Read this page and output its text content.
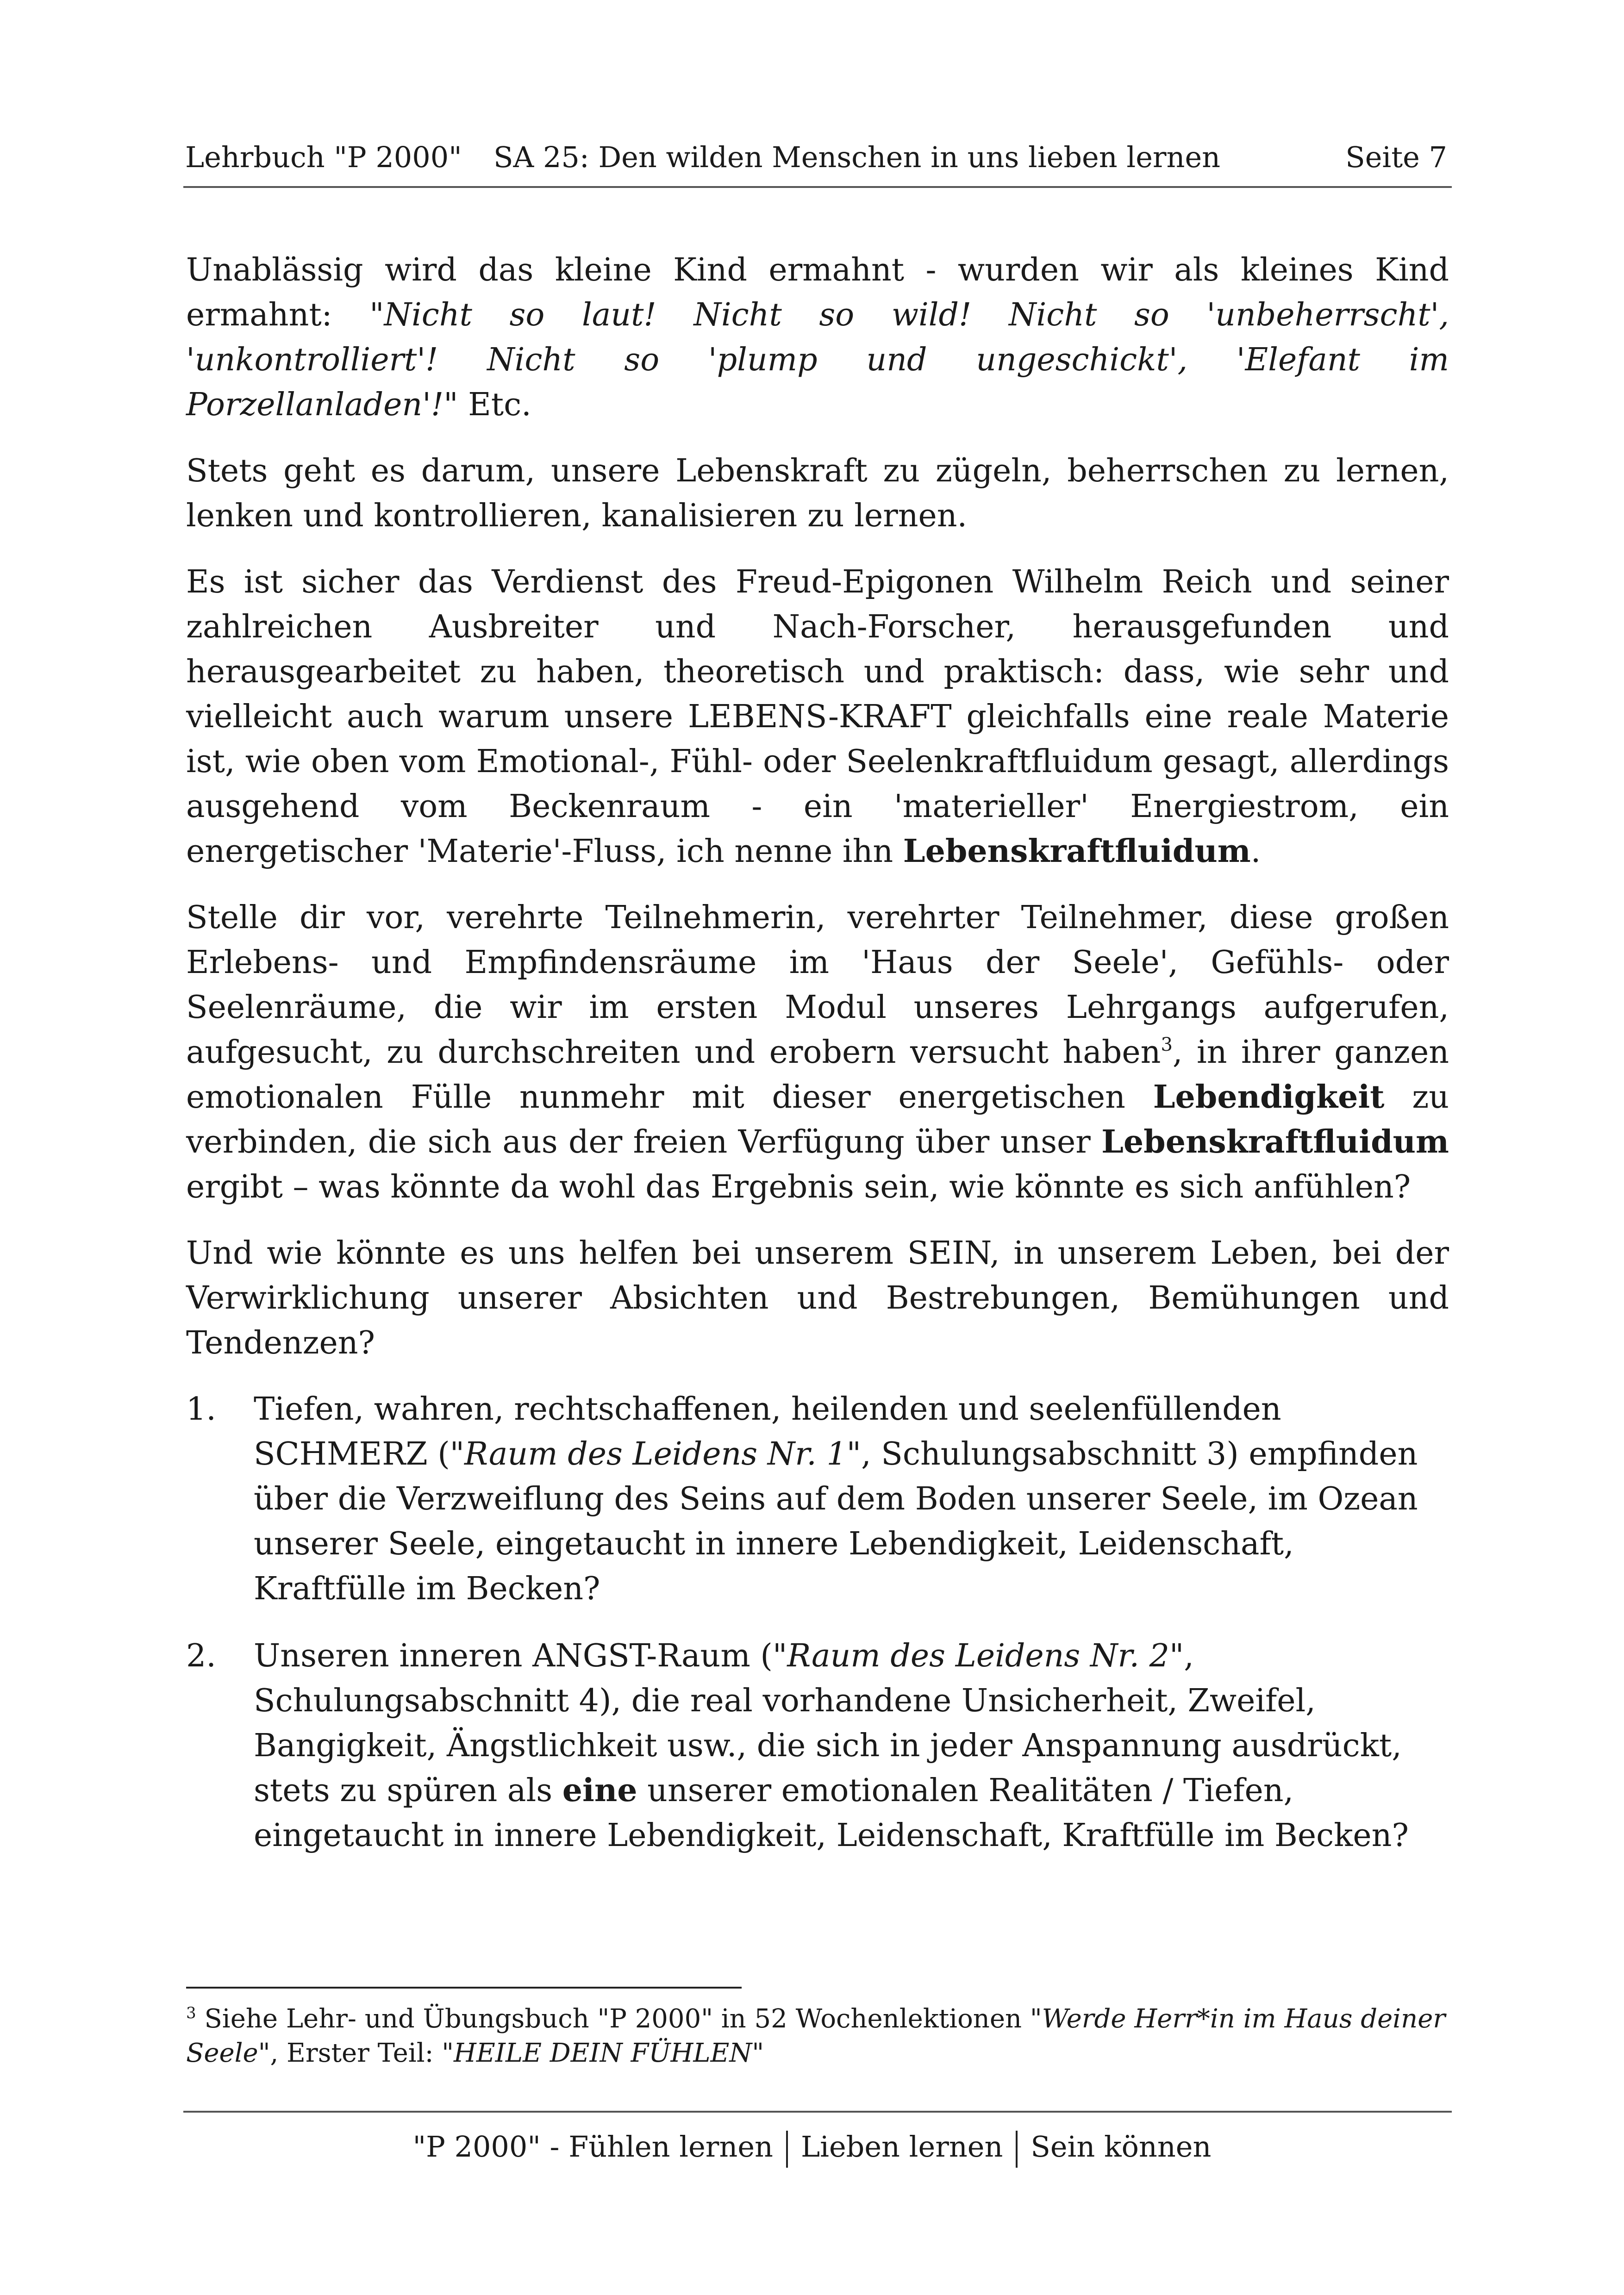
Lehrbuch "P 2000" SA 25: Den wilden Menschen in uns lieben lernen	Seite 7

Unablässig wird das kleine Kind ermahnt - wurden wir als kleines Kind ermahnt: "Nicht so laut! Nicht so wild! Nicht so 'unbeherrscht', 'unkontrolliert'! Nicht so 'plump und ungeschickt', 'Elefant im Porzellanladen'!" Etc.

Stets geht es darum, unsere Lebenskraft zu zügeln, beherrschen zu lernen, lenken und kontrollieren, kanalisieren zu lernen.

Es ist sicher das Verdienst des Freud-Epigonen Wilhelm Reich und seiner zahlreichen Ausbreiter und Nach-Forscher, herausgefunden und herausgearbeitet zu haben, theoretisch und praktisch: dass, wie sehr und vielleicht auch warum unsere LEBENS-KRAFT gleichfalls eine reale Materie ist, wie oben vom Emotional-, Fühl- oder Seelenkraftfluidum gesagt, allerdings ausgehend vom Beckenraum - ein 'materieller' Energiestrom, ein energetischer 'Materie'-Fluss, ich nenne ihn Lebenskraftfluidum.

Stelle dir vor, verehrte Teilnehmerin, verehrter Teilnehmer, diese großen Erlebens- und Empfindensräume im 'Haus der Seele', Gefühls- oder Seelenräume, die wir im ersten Modul unseres Lehrgangs aufgerufen, aufgesucht, zu durchschreiten und erobern versucht haben$^3$, in ihrer ganzen emotionalen Fülle nunmehr mit dieser energetischen Lebendigkeit zu verbinden, die sich aus der freien Verfügung über unser Lebenskraftfluidum ergibt – was könnte da wohl das Ergebnis sein, wie könnte es sich anfühlen?

Und wie könnte es uns helfen bei unserem SEIN, in unserem Leben, bei der Verwirklichung unserer Absichten und Bestrebungen, Bemühungen und Tendenzen?

1. Tiefen, wahren, rechtschaffenen, heilenden und seelenfüllenden SCHMERZ ("Raum des Leidens Nr. 1", Schulungsabschnitt 3) empfinden über die Verzweiflung des Seins auf dem Boden unserer Seele, im Ozean unserer Seele, eingetaucht in innere Lebendigkeit, Leidenschaft, Kraftfülle im Becken?
2. Unseren inneren ANGST-Raum ("Raum des Leidens Nr. 2", Schulungsabschnitt 4), die real vorhandene Unsicherheit, Zweifel, Bangigkeit, Ängstlichkeit usw., die sich in jeder Anspannung ausdrückt, stets zu spüren als eine unserer emotionalen Realitäten / Tiefen, eingetaucht in innere Lebendigkeit, Leidenschaft, Kraftfülle im Becken?
$^3$ Siehe Lehr- und Übungsbuch "P 2000" in 52 Wochenlektionen "Werde Herr*in im Haus deiner Seele", Erster Teil: "HEILE DEIN FÜHLEN"
"P 2000" - Fühlen lernen Lieben lernen Sein können
